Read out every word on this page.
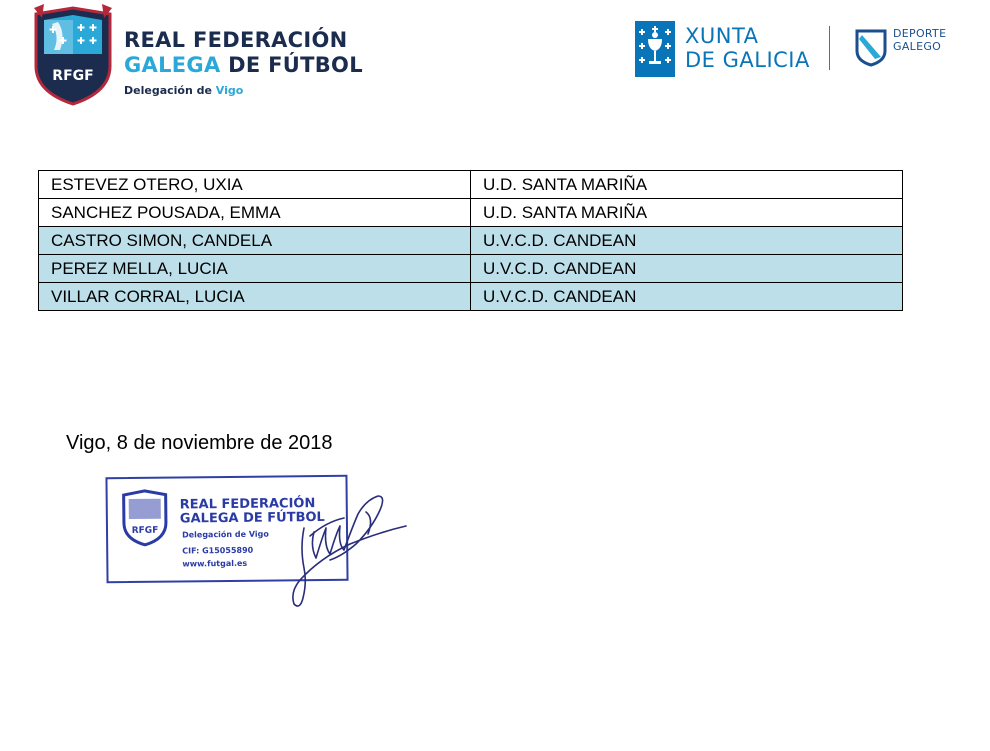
RFGF
REAL FEDERACIÓN
GALEGA DE FÚTBOL
Delegación de Vigo
XUNTA
DE GALICIA
DEPORTE
GALEGO
ESTEVEZ OTERO, UXIA	U.D. SANTA MARIÑA
SANCHEZ POUSADA, EMMA	U.D. SANTA MARIÑA
CASTRO SIMON, CANDELA	U.V.C.D. CANDEAN
PEREZ MELLA, LUCIA	U.V.C.D. CANDEAN
VILLAR CORRAL, LUCIA	U.V.C.D. CANDEAN
Vigo, 8 de noviembre de 2018
RFGF
REAL FEDERACIÓN
GALEGA DE FÚTBOL
Delegación de Vigo
CIF: G15055890
www.futgal.es
